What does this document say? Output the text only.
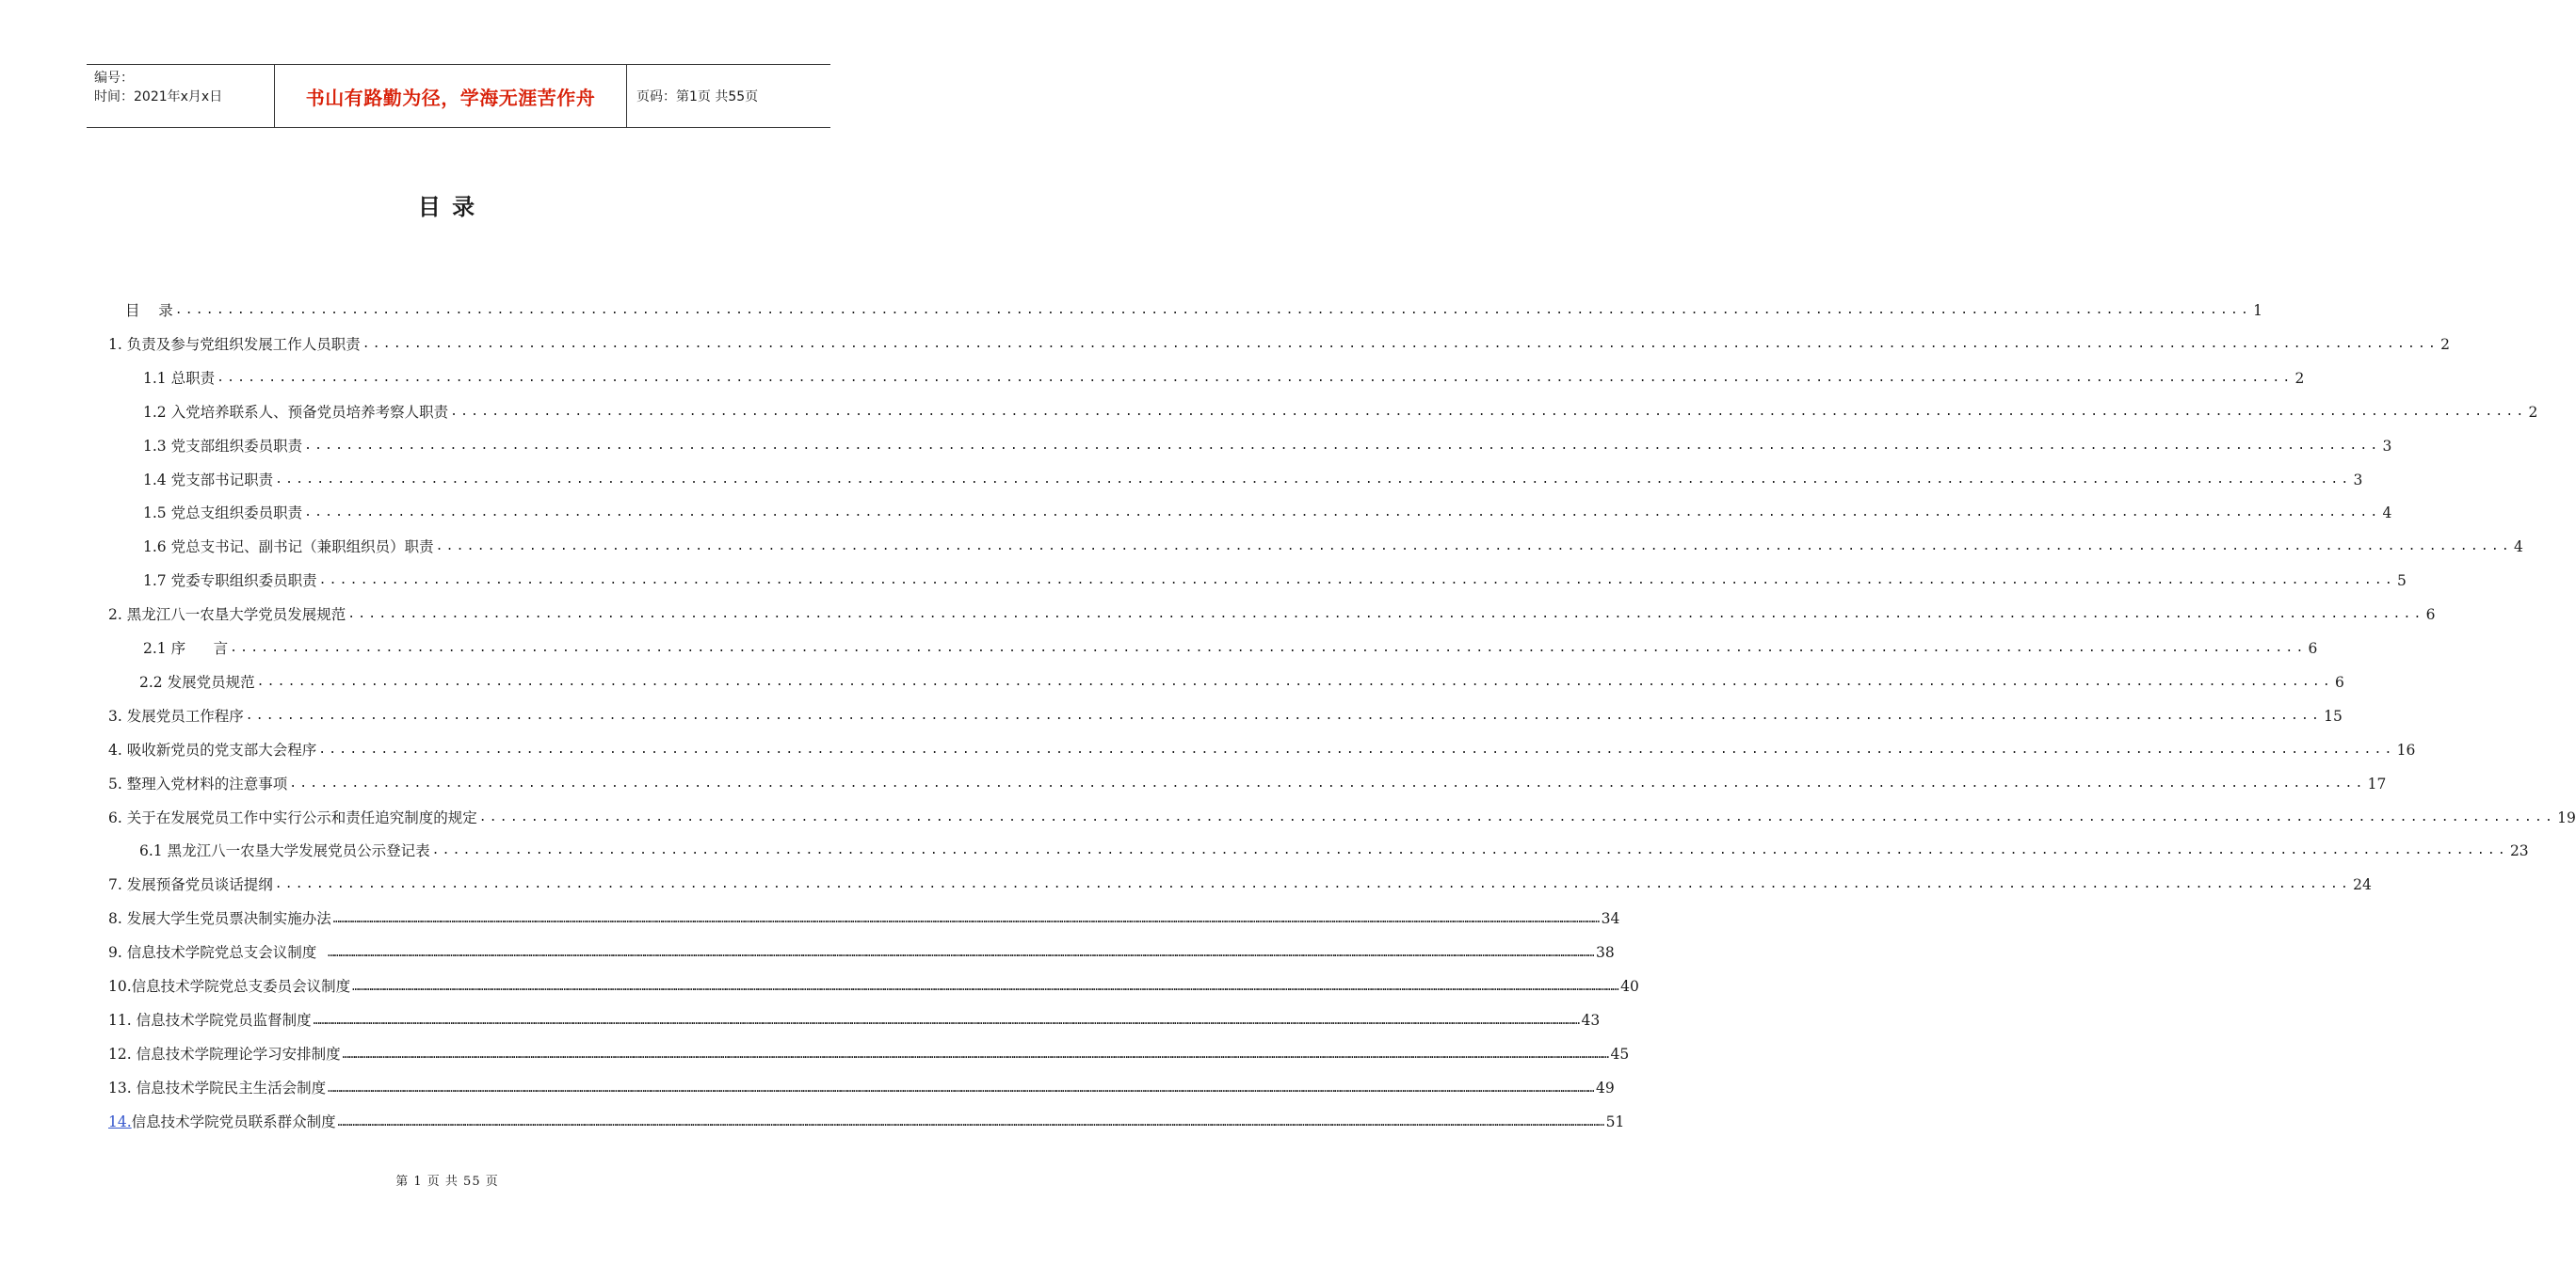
编号：
时间：2021年x月x日	书山有路勤为径，学海无涯苦作舟	页码：第1页 共55页
目 录
目    录 ........................................................................................................................................................................................................ 1
1. 负责及参与党组织发展工作人员职责 ........................................................................................................................................................................................................ 2
1.1 总职责 ........................................................................................................................................................................................................ 2
1.2 入党培养联系人、预备党员培养考察人职责 ........................................................................................................................................................................................................ 2
1.3 党支部组织委员职责 ........................................................................................................................................................................................................ 3
1.4 党支部书记职责 ........................................................................................................................................................................................................ 3
1.5 党总支组织委员职责 ........................................................................................................................................................................................................ 4
1.6 党总支书记、副书记（兼职组织员）职责 ........................................................................................................................................................................................................ 4
1.7 党委专职组织委员职责 ........................................................................................................................................................................................................ 5
2. 黑龙江八一农垦大学党员发展规范 ........................................................................................................................................................................................................ 6
2.1 序      言 ........................................................................................................................................................................................................ 6
2.2 发展党员规范 ........................................................................................................................................................................................................ 6
3. 发展党员工作程序 ........................................................................................................................................................................................................ 15
4. 吸收新党员的党支部大会程序 ........................................................................................................................................................................................................ 16
5. 整理入党材料的注意事项 ........................................................................................................................................................................................................ 17
6. 关于在发展党员工作中实行公示和责任追究制度的规定 ........................................................................................................................................................................................................ 19
6.1 黑龙江八一农垦大学发展党员公示登记表 ........................................................................................................................................................................................................ 23
7. 发展预备党员谈话提纲 ........................................................................................................................................................................................................ 24
8. 发展大学生党员票决制实施办法 …………………………………………………………………………………………………………………………………………………………………………………………………………………………………………………………………………………………………………………………………………………………………………………………………………………………………………………………………………………………………………………………………………………… 34
9. 信息技术学院党总支会议制度 …………………………………………………………………………………………………………………………………………………………………………………………………………………………………………………………………………………………………………………………………………………………………………………………………………………………………………………………………………………………………………………………………………………… 38
10. 信息技术学院党总支委员会议制度 …………………………………………………………………………………………………………………………………………………………………………………………………………………………………………………………………………………………………………………………………………………………………………………………………………………………………………………………………………………………………………………………………………………… 40
11. 信息技术学院党员监督制度 …………………………………………………………………………………………………………………………………………………………………………………………………………………………………………………………………………………………………………………………………………………………………………………………………………………………………………………………………………………………………………………………………………………… 43
12. 信息技术学院理论学习安排制度 …………………………………………………………………………………………………………………………………………………………………………………………………………………………………………………………………………………………………………………………………………………………………………………………………………………………………………………………………………………………………………………………………………………… 45
13. 信息技术学院民主生活会制度 …………………………………………………………………………………………………………………………………………………………………………………………………………………………………………………………………………………………………………………………………………………………………………………………………………………………………………………………………………………………………………………………………………………… 49
14. 信息技术学院党员联系群众制度 …………………………………………………………………………………………………………………………………………………………………………………………………………………………………………………………………………………………………………………………………………………………………………………………………………………………………………………………………………………………………………………………………………………… 51
第 1 页 共 55 页
